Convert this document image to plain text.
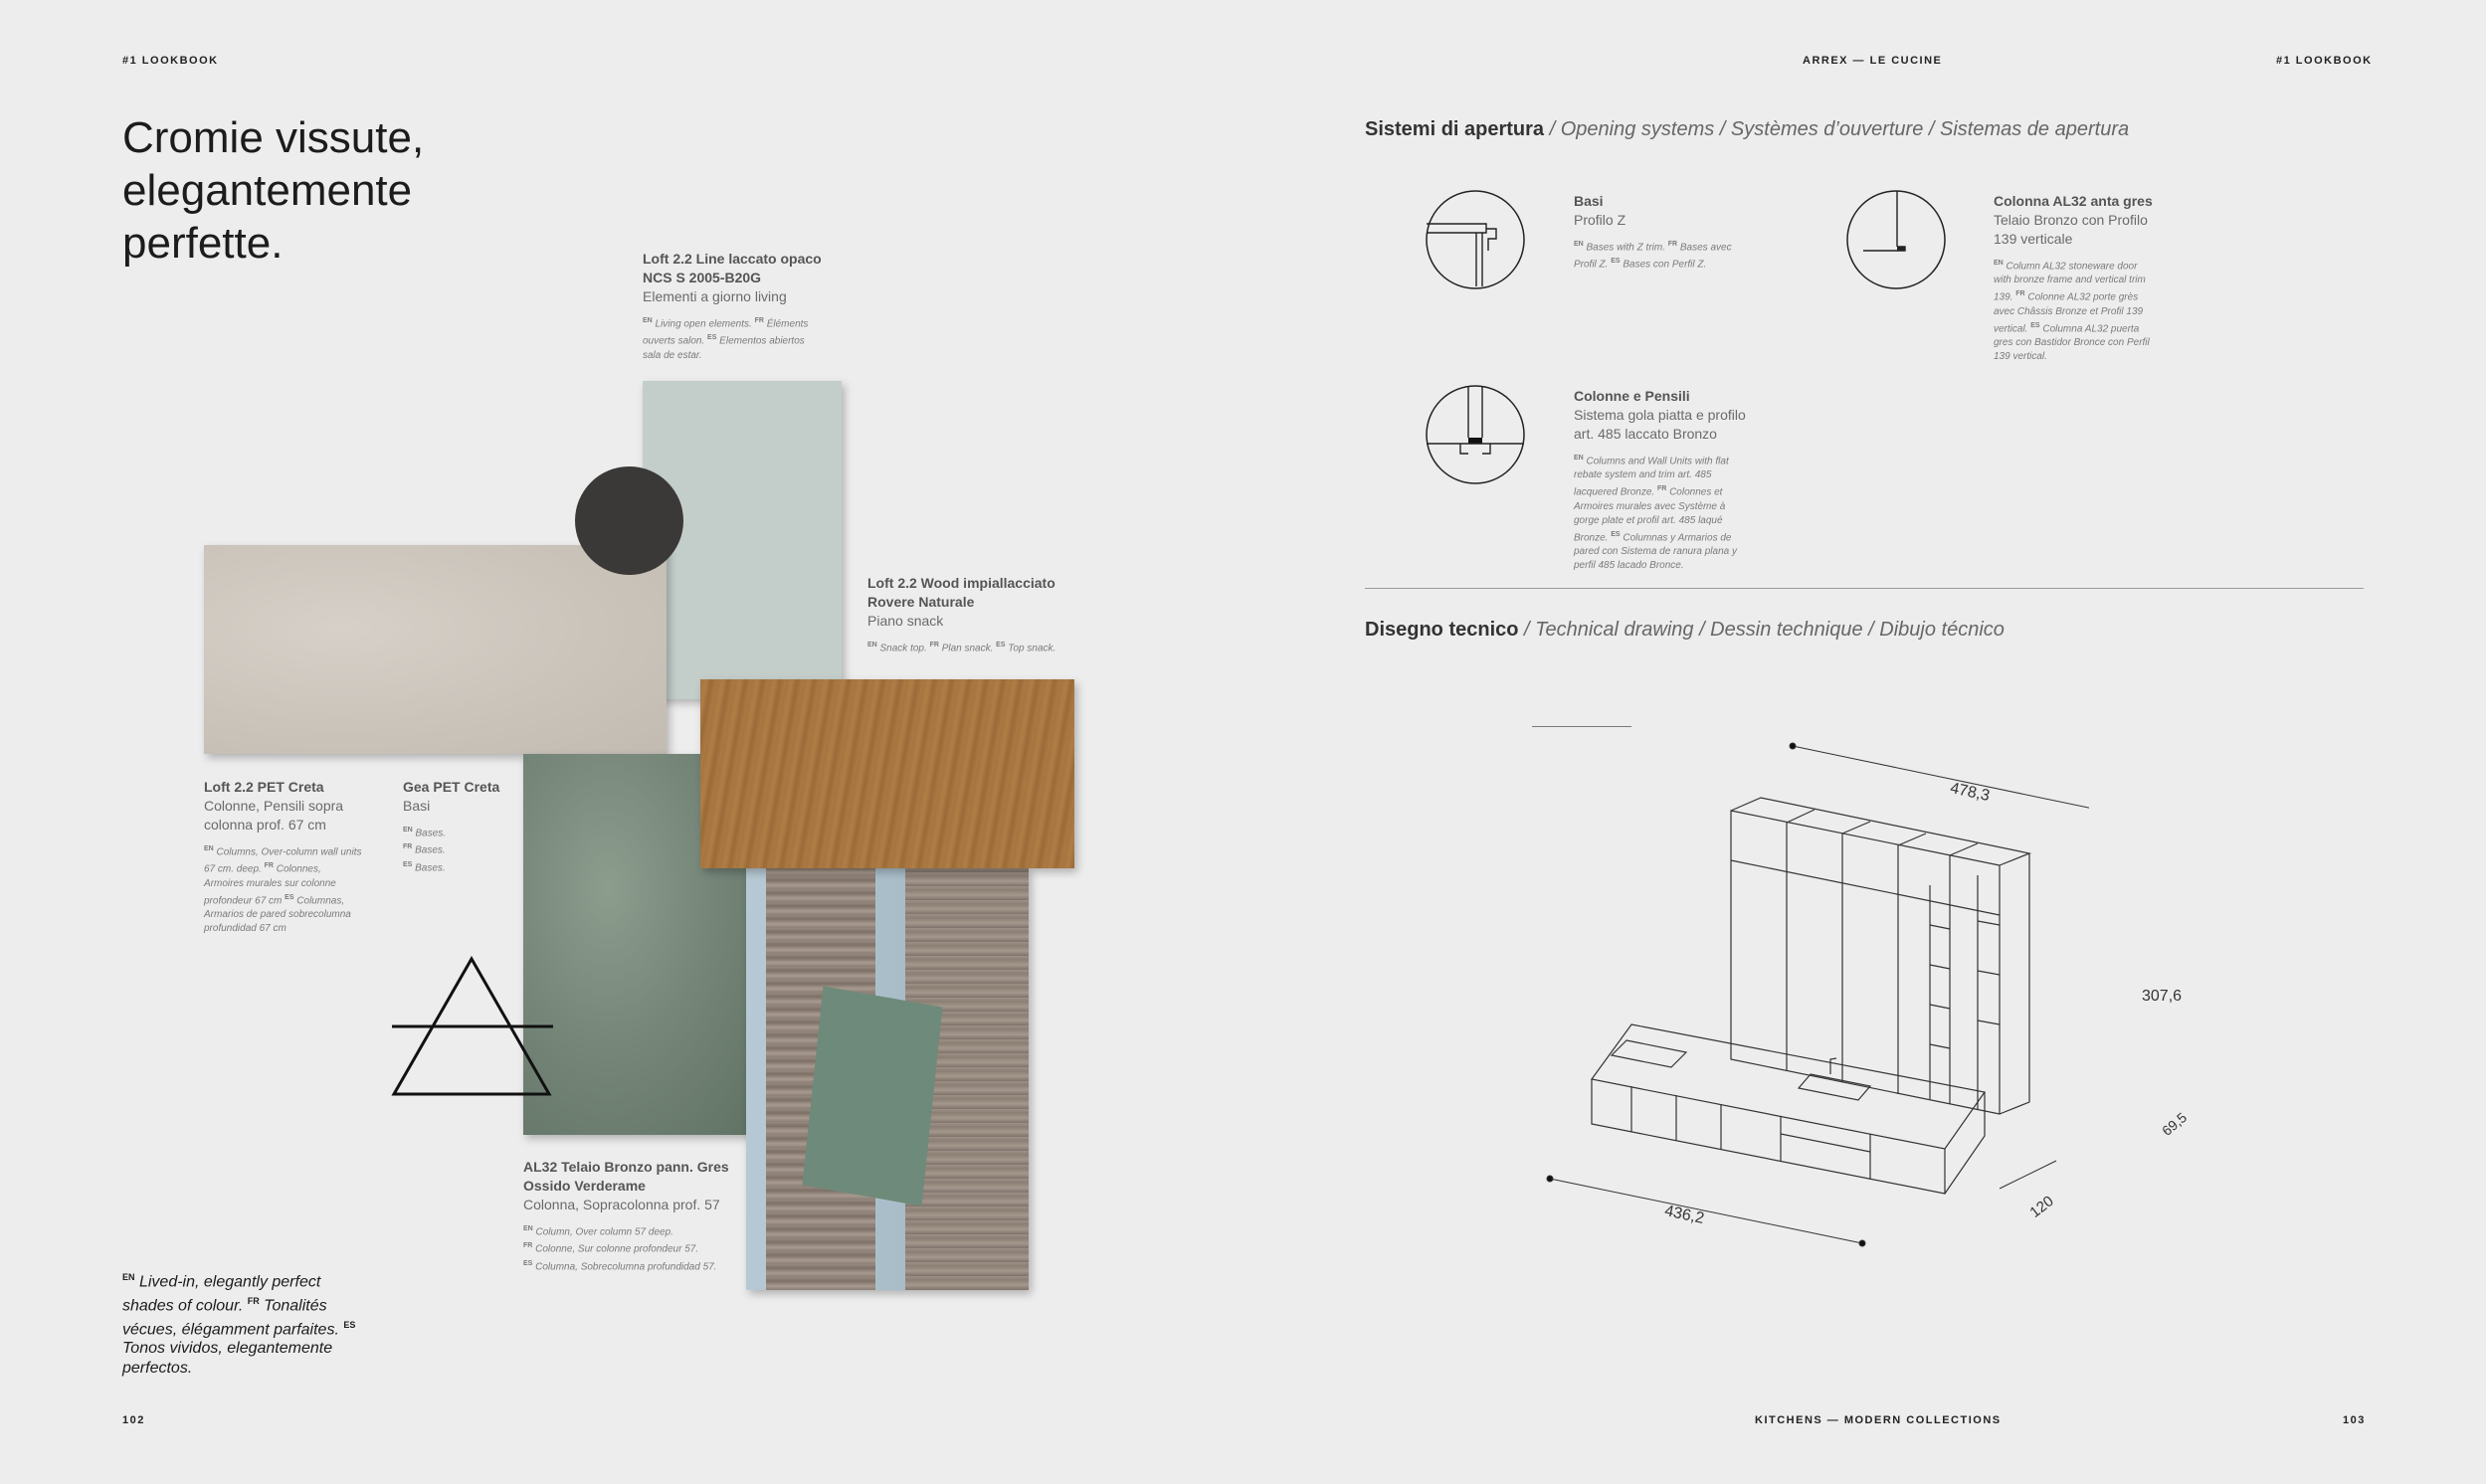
#1 LOOKBOOK	ARREX — LE CUCINE	#1 LOOKBOOK
Cromie vissute,
elegantemente
perfette.	Loft 2.2 Line laccato opaco
NCS S 2005-B20G
Elementi a giorno living
$^{EN}$ Living open elements. $^{FR}$ Éléments ouverts salon. $^{ES}$ Elementos abiertos sala de estar.
Loft 2.2 Wood impiallacciato
Rovere Naturale
Piano snack
$^{EN}$ Snack top. $^{FR}$ Plan snack. $^{ES}$ Top snack.
Loft 2.2 PET Creta
Colonne, Pensili sopra
colonna prof. 67 cm
$^{EN}$ Columns, Over-column wall units 67 cm. deep. $^{FR}$ Colonnes, Armoires murales sur colonne profondeur 67 cm $^{ES}$ Columnas, Armarios de pared sobrecolumna profundidad 67 cm
Gea PET Creta
Basi
$^{EN}$ Bases.
$^{FR}$ Bases.
$^{ES}$ Bases.
AL32 Telaio Bronzo pann. Gres
Ossido Verderame
Colonna, Sopracolonna prof. 57
$^{EN}$ Column, Over column 57 deep.
$^{FR}$ Colonne, Sur colonne profondeur 57.
$^{ES}$ Columna, Sobrecolumna profundidad 57.
$^{EN}$ Lived-in, elegantly perfect shades of colour. $^{FR}$ Tonalités vécues, élégamment parfaites. $^{ES}$ Tonos vividos, elegantemente perfectos.
102
Sistemi di apertura / Opening systems / Systèmes d’ouverture / Sistemas de apertura
Basi
Profilo Z
$^{EN}$ Bases with Z trim. $^{FR}$ Bases avec Profil Z. $^{ES}$ Bases con Perfil Z.
Colonna AL32 anta gres
Telaio Bronzo con Profilo
139 verticale
$^{EN}$ Column AL32 stoneware door with bronze frame and vertical trim 139. $^{FR}$ Colonne AL32 porte grès avec Châssis Bronze et Profil 139 vertical. $^{ES}$ Columna AL32 puerta gres con Bastidor Bronce con Perfil 139 vertical.
Colonne e Pensili
Sistema gola piatta e profilo
art. 485 laccato Bronzo
$^{EN}$ Columns and Wall Units with flat rebate system and trim art. 485 lacquered Bronze. $^{FR}$ Colonnes et Armoires murales avec Système à gorge plate et profil art. 485 laqué Bronze. $^{ES}$ Columnas y Armarios de pared con Sistema de ranura plana y perfil 485 lacado Bronce.
Disegno tecnico / Technical drawing / Dessin technique / Dibujo técnico
478,3
307,6
69,5
436,2	120
KITCHENS — MODERN COLLECTIONS	103
